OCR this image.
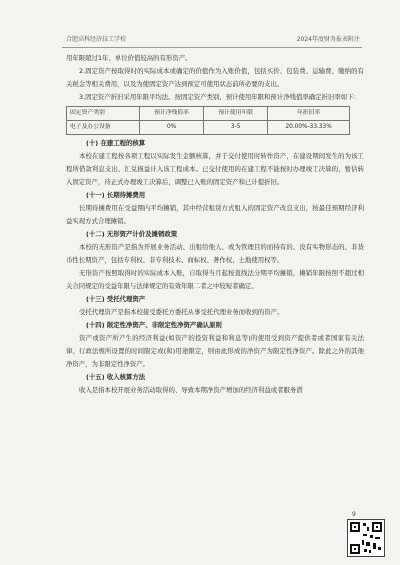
合肥高科经济技工学校	2024年度财务报表附注

用年限超过1年、单位价值较高的有形资产。

2.固定资产按取得时的实际成本或确定的价值作为入账价值，包括买价、包装费、运输费、缴纳的有关税金等相关费用，以及为使固定资产达到预定可使用状态前所必要的支出。

3.固定资产折旧采用年限平均法。按固定资产类别、预计使用年限和预计净残值率确定折旧率如下：

固定资产类别	预计净残值率	预计使用年限	年折旧率
电子及办公设备	0%	3-5	20.00%-33.33%

(十) 在建工程的核算

本校在建工程按各项工程以实际发生金额核算，并于交付使用时转作资产，在建设期间发生的为该工程所借款利息支出、汇兑损益计入该工程成本。已交付使用的在建工程不能按时办理竣工决算的，暂估转入固定资产，待正式办理竣工决算后，调整已入账的固定资产和已计提折旧。

(十一) 长期待摊费用

长期待摊费用在受益期内平均摊销，其中经营租赁方式租入的固定资产改良支出，按最佳预期经济利益实现方式合理摊销。

(十二) 无形资产计价及摊销政策

本校的无形资产是指为开展业务活动、出租给他人、或为管理目的而持有的、没有实物形态的、非货币性长期资产，包括专利权、非专利技术、商标权、著作权、土地使用权等。

无形资产按照取得时的实际成本入账，自取得当月起按直线法分期平均摊销，摊销年限按照不超过相关合同规定的受益年限与法律规定的有效年限二者之中较短者确定。

(十三) 受托代理资产

受托代理资产是指本校接受委托方委托从事受托代理业务而收到的资产。

(十四) 限定性净资产、非限定性净资产确认原则

资产或资产所产生的经济利益(如资产的投资利益和利息等)的使用受到资产提供者或者国家有关法律、行政法规所设置的时间限定或(和)用途限定，则由此形成的净资产为限定性净资产。除此之外的其他净资产，为非限定性净资产。

(十五) 收入核算方法

收入是指本校开展业务活动取得的、导致本期净资产增加的经济利益或者服务潜

9
